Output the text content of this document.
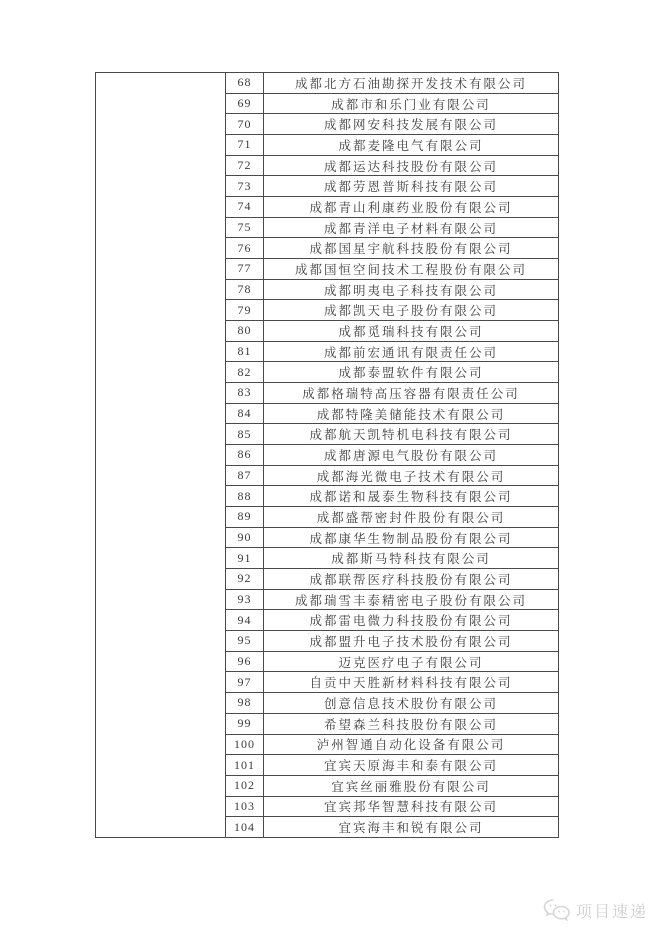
68	成都北方石油勘探开发技术有限公司
69	成都市和乐门业有限公司
70	成都网安科技发展有限公司
71	成都麦隆电气有限公司
72	成都运达科技股份有限公司
73	成都劳恩普斯科技有限公司
74	成都青山利康药业股份有限公司
75	成都青洋电子材料有限公司
76	成都国星宇航科技股份有限公司
77	成都国恒空间技术工程股份有限公司
78	成都明夷电子科技有限公司
79	成都凯天电子股份有限公司
80	成都觅瑞科技有限公司
81	成都前宏通讯有限责任公司
82	成都泰盟软件有限公司
83	成都格瑞特高压容器有限责任公司
84	成都特隆美储能技术有限公司
85	成都航天凯特机电科技有限公司
86	成都唐源电气股份有限公司
87	成都海光微电子技术有限公司
88	成都诺和晟泰生物科技有限公司
89	成都盛帮密封件股份有限公司
90	成都康华生物制品股份有限公司
91	成都斯马特科技有限公司
92	成都联帮医疗科技股份有限公司
93	成都瑞雪丰泰精密电子股份有限公司
94	成都雷电微力科技股份有限公司
95	成都盟升电子技术股份有限公司
96	迈克医疗电子有限公司
97	自贡中天胜新材料科技有限公司
98	创意信息技术股份有限公司
99	希望森兰科技股份有限公司
100	泸州智通自动化设备有限公司
101	宜宾天原海丰和泰有限公司
102	宜宾丝丽雅股份有限公司
103	宜宾邦华智慧科技有限公司
104	宜宾海丰和锐有限公司
项目速递
